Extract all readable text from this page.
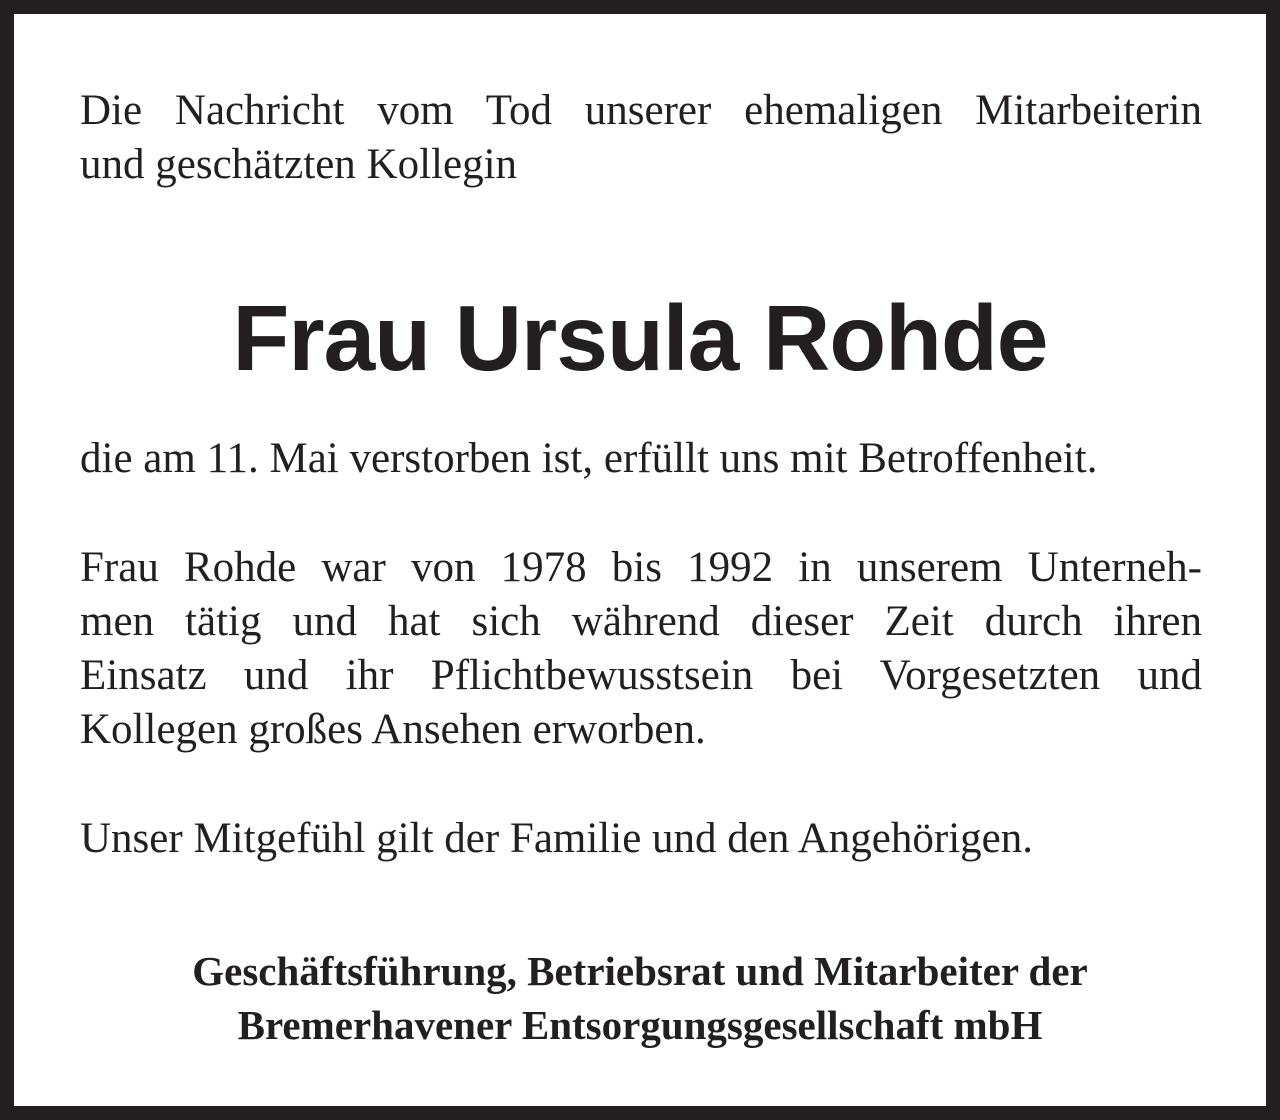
Die Nachricht vom Tod unserer ehemaligen Mitarbeiterin
und geschätzten Kollegin

Frau Ursula Rohde

die am 11. Mai verstorben ist, erfüllt uns mit Betroffenheit.

Frau Rohde war von 1978 bis 1992 in unserem Unterneh-
men tätig und hat sich während dieser Zeit durch ihren
Einsatz und ihr Pflichtbewusstsein bei Vorgesetzten und
Kollegen großes Ansehen erworben.

Unser Mitgefühl gilt der Familie und den Angehörigen.

Geschäftsführung, Betriebsrat und Mitarbeiter der
Bremerhavener Entsorgungsgesellschaft mbH
